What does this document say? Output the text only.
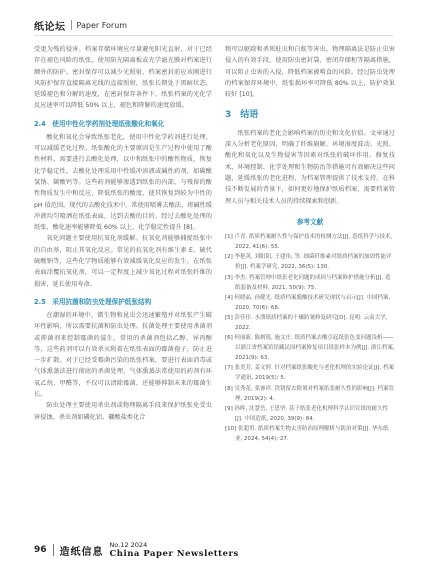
纸论坛 Paper Forum

受更为残的侵害。档案存储环境应尽量避免阳光直射，对于已经存在褪色风险的纸张，使用防光隔离板或光学滤光膜对档案进行额外的防护。密封保存可以减少光照射，档案密封前应该刚进行风防护保存直接隔离光线的直接照射，纸张长期处于黑暗状态，延缓褪色和分解的速度，在密封保存条件下，纸张档案的光化学反应速率可以降低 50% 以上，褪色和降解的速度放缓。

2.4　使用中性化学药剂处理纸张酸化和氧化

酸化和氧化会导致纸张老化，使用中性化学药剂进行处理，可以减缓老化过程。纸张酸化的主要原因是生产过程中使用了酸性材料，需要进行去酸化处理，以中和纸张中的酸性物质，恢复化学稳定性。去酸化处理采用中性缓冲溶液或碱性药剂，如碳酸氢钠、碳酸钙等。这些药剂能够渗透到纸张的内部，与残留的酸性物质发生中和反应，降低纸张的酸度，使其恢复到较为中性的 pH 值范围。现代的去酸化技术中，常使用喷雾去酸法，将碱性缓冲液均匀喷洒在纸张表面，达到去酸的目的。经过去酸化处理的纸张，酸化速率能够降低 60% 以上，化学稳定性提升 [8]。

氧化问题主要使用抗氧化剂缓解。抗氧化剂能够捕捉纸张中的自由基，阻止其氧化反应。常见的抗氧化剂有维生素 E、硫代硫酸钠等，这些化学物质能够有效减缓氧化反应的发生。在纸张表面涂覆抗氧化剂，可以一定程度上减少氧化过程对纸张纤维的损害，延长使用寿命。

2.5　采用抗菌和防虫处理保护纸张结构

在潮湿的环境中，微生物和昆虫会迅速繁殖并对纸张产生破坏性影响，所以需要抗菌和防虫处理。抗菌处理主要使用杀菌剂或抑菌剂来控制霉菌的滋生，常用的杀菌剂包括乙醇、异丙醇等，这些药剂可以有效杀灭附着在纸张表面的霉菌孢子，防止进一步扩散。对于已经受霉菌污染的纸张档案，要进行表面消毒或气体熏蒸法进行彻底的杀菌处理，气体熏蒸法常使用的药剂有环氧乙烷、甲醛等，不仅可以清除霉菌，还能够抑制未来的霉菌生长。

防虫处理主要使用杀虫剂或物理隔离手段来保护纸张免受虫害侵蚀。杀虫剂如磷化铝、硼酸盐类化合

物可以驱除和杀死蛀虫和白蚁等害虫。物理隔离法是防止虫害侵入的有效手段，使用防虫密封袋、密闭存储柜等隔离措施，可以阻止虫害的入侵，降低档案被啃食的风险。经过防虫处理的档案保存环境中，纸张损坏率可降低 80% 以上，防护效果较好 [10]。

3　结语

纸张档案的老化会影响档案的历史和文化价值。文章通过深入分析老化原因，明确了纤维崩解、环境湿度波动、光照、酸化和氧化以及生物侵害等因素对纸张的破坏作用。修复技术、环境控制、化学处理和生物防治等措施可有效解决这些问题，延缓纸张的老化进程，为档案管理提供了技术支持。在科技不断发展的背景下，如何更好地保护纸质档案，需要档案管理人员与相关技术人员的持续探索和创新。

参考文献
[1] 卢青. 纸质档案耐久性与保护技术的检测方法[J]. 造纸科学与技术, 2022, 41(6): 55.
[2] 李艳英, 刘阳阳, 王建伟, 等. 细菌纤维素对纸质档案的加固性能评价[J]. 档案学研究, 2022, 36(5): 130.
[3] 李杰. 档案管理中纸张老化问题的成因与档案修护措施分析[J]. 造纸装备及材料, 2021, 50(9): 75.
[4] 何晓晶, 孙健光. 纸质档案脱酸技术研究现状与启示[J]. 中国档案, 2020, 70(6): 68.
[5] 彭佳佳. 水溃纸质档案的干燥防皱修复研究[D]. 昆明: 云南大学, 2022.
[6] 何丽新, 陈炳锐, 施文庄. 纸质档案去酸引起纸张色变问题浅析——以浙江省档案馆馆藏民国档案修复项目纸张样本为例[J]. 浙江档案, 2021(9): 63.
[7] 张美芳, 姜文婷. 针对档案纸张酸化与老化机理的实验论证[J]. 档案学通讯, 2019(5): 5.
[8] 吴秀花, 张睿祥. 铁锈留去除剂对档案纸张耐久性的影响[J]. 档案管理, 2019(2): 4.
[9] 孙晖, 沈慧岳, 王思坚. 基于纸张老化机理科学认识宣纸的耐久性[J]. 中国造纸, 2020, 39(9): 84.
[10] 张超男. 纸质档案生物去害防治原理解析与防治对策[J]. 华东纸业, 2024, 54(4): 27.
96 造纸信息
No.12 2024
China Paper Newsletters
